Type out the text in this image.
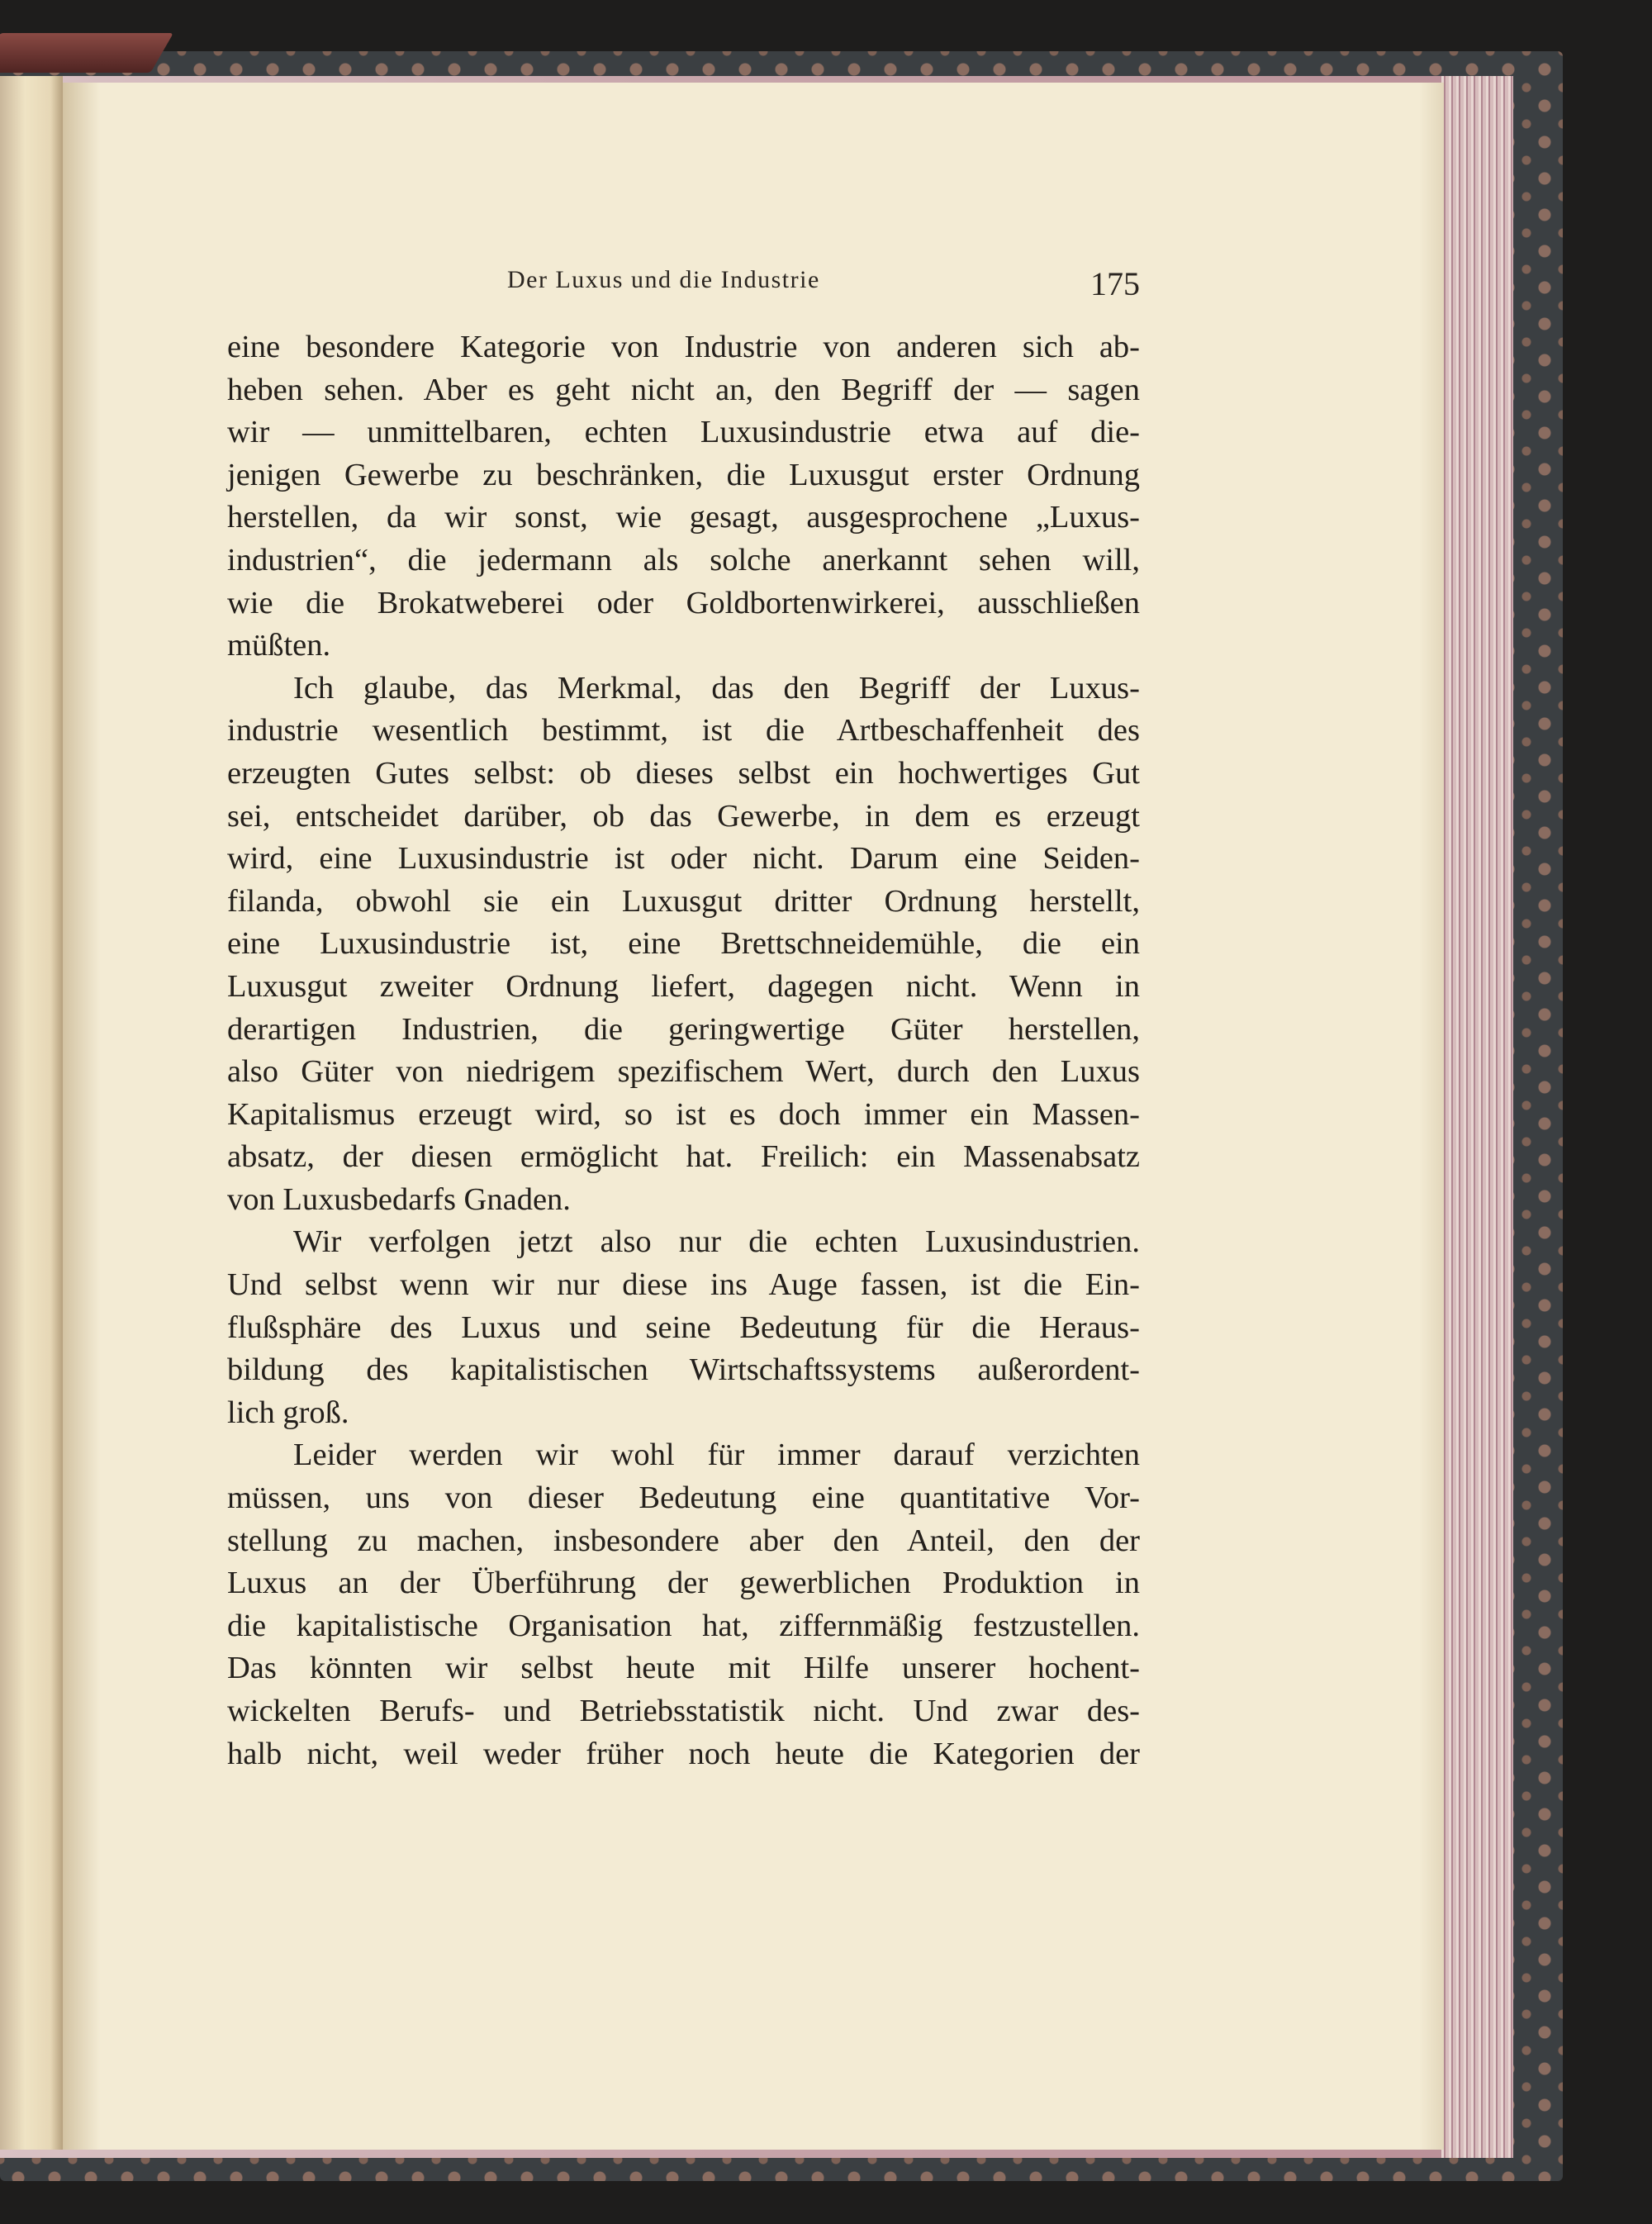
Der Luxus und die Industrie	175
eine besondere Kategorie von Industrie von anderen sich ab-
heben sehen. Aber es geht nicht an, den Begriff der — sagen
wir — unmittelbaren, echten Luxusindustrie etwa auf die-
jenigen Gewerbe zu beschränken, die Luxusgut erster Ordnung
herstellen, da wir sonst, wie gesagt, ausgesprochene „Luxus-
industrien“, die jedermann als solche anerkannt sehen will,
wie die Brokatweberei oder Goldbortenwirkerei, ausschließen
müßten.
Ich glaube, das Merkmal, das den Begriff der Luxus-
industrie wesentlich bestimmt, ist die Artbeschaffenheit des
erzeugten Gutes selbst: ob dieses selbst ein hochwertiges Gut
sei, entscheidet darüber, ob das Gewerbe, in dem es erzeugt
wird, eine Luxusindustrie ist oder nicht. Darum eine Seiden-
filanda, obwohl sie ein Luxusgut dritter Ordnung herstellt,
eine Luxusindustrie ist, eine Brettschneidemühle, die ein
Luxusgut zweiter Ordnung liefert, dagegen nicht. Wenn in
derartigen Industrien, die geringwertige Güter herstellen,
also Güter von niedrigem spezifischem Wert, durch den Luxus
Kapitalismus erzeugt wird, so ist es doch immer ein Massen-
absatz, der diesen ermöglicht hat. Freilich: ein Massenabsatz
von Luxusbedarfs Gnaden.
Wir verfolgen jetzt also nur die echten Luxusindustrien.
Und selbst wenn wir nur diese ins Auge fassen, ist die Ein-
flußsphäre des Luxus und seine Bedeutung für die Heraus-
bildung des kapitalistischen Wirtschaftssystems außerordent-
lich groß.
Leider werden wir wohl für immer darauf verzichten
müssen, uns von dieser Bedeutung eine quantitative Vor-
stellung zu machen, insbesondere aber den Anteil, den der
Luxus an der Überführung der gewerblichen Produktion in
die kapitalistische Organisation hat, ziffernmäßig festzustellen.
Das könnten wir selbst heute mit Hilfe unserer hochent-
wickelten Berufs- und Betriebsstatistik nicht. Und zwar des-
halb nicht, weil weder früher noch heute die Kategorien der
